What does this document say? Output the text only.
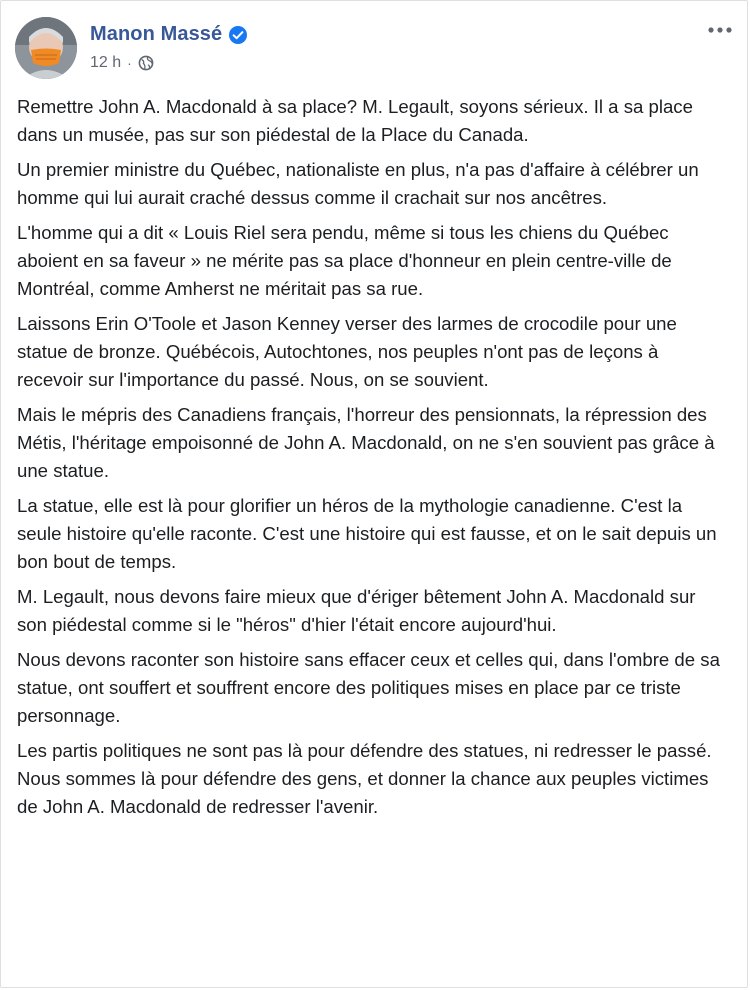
Manon Massé
12 h ·

Remettre John A. Macdonald à sa place? M. Legault, soyons sérieux. Il a sa place dans un musée, pas sur son piédestal de la Place du Canada.

Un premier ministre du Québec, nationaliste en plus, n'a pas d'affaire à célébrer un homme qui lui aurait craché dessus comme il crachait sur nos ancêtres.

L'homme qui a dit « Louis Riel sera pendu, même si tous les chiens du Québec aboient en sa faveur » ne mérite pas sa place d'honneur en plein centre-ville de Montréal, comme Amherst ne méritait pas sa rue.

Laissons Erin O'Toole et Jason Kenney verser des larmes de crocodile pour une statue de bronze. Québécois, Autochtones, nos peuples n'ont pas de leçons à recevoir sur l'importance du passé. Nous, on se souvient.

Mais le mépris des Canadiens français, l'horreur des pensionnats, la répression des Métis, l'héritage empoisonné de John A. Macdonald, on ne s'en souvient pas grâce à une statue.

La statue, elle est là pour glorifier un héros de la mythologie canadienne. C'est la seule histoire qu'elle raconte. C'est une histoire qui est fausse, et on le sait depuis un bon bout de temps.

M. Legault, nous devons faire mieux que d'ériger bêtement John A. Macdonald sur son piédestal comme si le "héros" d'hier l'était encore aujourd'hui.

Nous devons raconter son histoire sans effacer ceux et celles qui, dans l'ombre de sa statue, ont souffert et souffrent encore des politiques mises en place par ce triste personnage.

Les partis politiques ne sont pas là pour défendre des statues, ni redresser le passé. Nous sommes là pour défendre des gens, et donner la chance aux peuples victimes de John A. Macdonald de redresser l'avenir.
